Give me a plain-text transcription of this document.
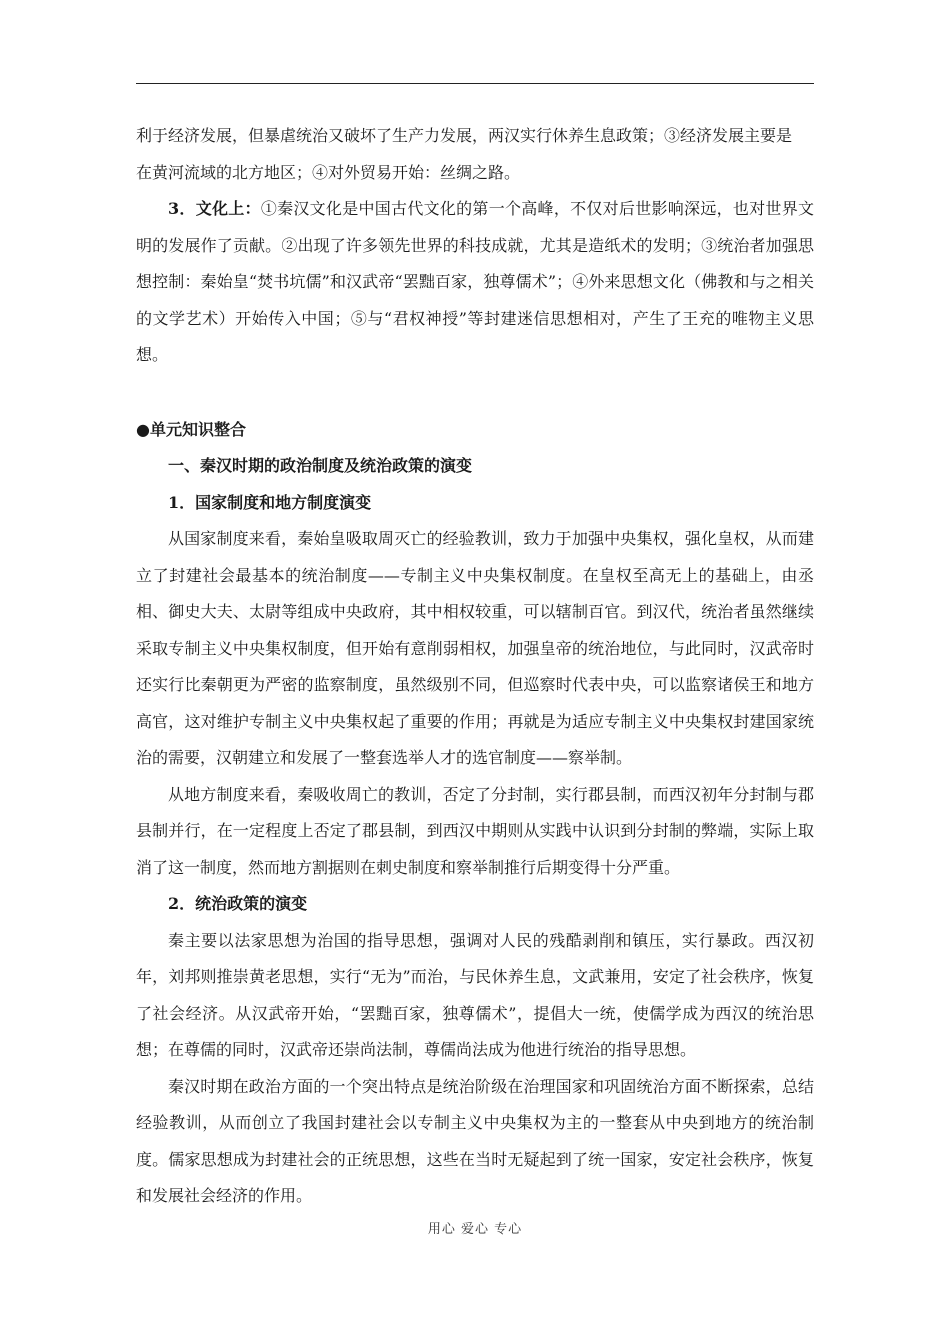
利于经济发展，但暴虐统治又破坏了生产力发展，两汉实行休养生息政策；③经济发展主要是

在黄河流域的北方地区；④对外贸易开始：丝绸之路。

3．文化上：①秦汉文化是中国古代文化的第一个高峰，不仅对后世影响深远，也对世界文明的发展作了贡献。②出现了许多领先世界的科技成就，尤其是造纸术的发明；③统治者加强思想控制：秦始皇“焚书坑儒”和汉武帝“罢黜百家，独尊儒术”；④外来思想文化（佛教和与之相关的文学艺术）开始传入中国；⑤与“君权神授”等封建迷信思想相对，产生了王充的唯物主义思想。

●单元知识整合

一、秦汉时期的政治制度及统治政策的演变

1．国家制度和地方制度演变

从国家制度来看，秦始皇吸取周灭亡的经验教训，致力于加强中央集权，强化皇权，从而建立了封建社会最基本的统治制度——专制主义中央集权制度。在皇权至高无上的基础上，由丞相、御史大夫、太尉等组成中央政府，其中相权较重，可以辖制百官。到汉代，统治者虽然继续采取专制主义中央集权制度，但开始有意削弱相权，加强皇帝的统治地位，与此同时，汉武帝时还实行比秦朝更为严密的监察制度，虽然级别不同，但巡察时代表中央，可以监察诸侯王和地方高官，这对维护专制主义中央集权起了重要的作用；再就是为适应专制主义中央集权封建国家统治的需要，汉朝建立和发展了一整套选举人才的选官制度——察举制。

从地方制度来看，秦吸收周亡的教训，否定了分封制，实行郡县制，而西汉初年分封制与郡县制并行，在一定程度上否定了郡县制，到西汉中期则从实践中认识到分封制的弊端，实际上取消了这一制度，然而地方割据则在刺史制度和察举制推行后期变得十分严重。

2．统治政策的演变

秦主要以法家思想为治国的指导思想，强调对人民的残酷剥削和镇压，实行暴政。西汉初年，刘邦则推崇黄老思想，实行“无为”而治，与民休养生息，文武兼用，安定了社会秩序，恢复了社会经济。从汉武帝开始，“罢黜百家，独尊儒术”，提倡大一统，使儒学成为西汉的统治思想；在尊儒的同时，汉武帝还崇尚法制，尊儒尚法成为他进行统治的指导思想。

秦汉时期在政治方面的一个突出特点是统治阶级在治理国家和巩固统治方面不断探索，总结经验教训，从而创立了我国封建社会以专制主义中央集权为主的一整套从中央到地方的统治制度。儒家思想成为封建社会的正统思想，这些在当时无疑起到了统一国家，安定社会秩序，恢复和发展社会经济的作用。

用心 爱心 专心
